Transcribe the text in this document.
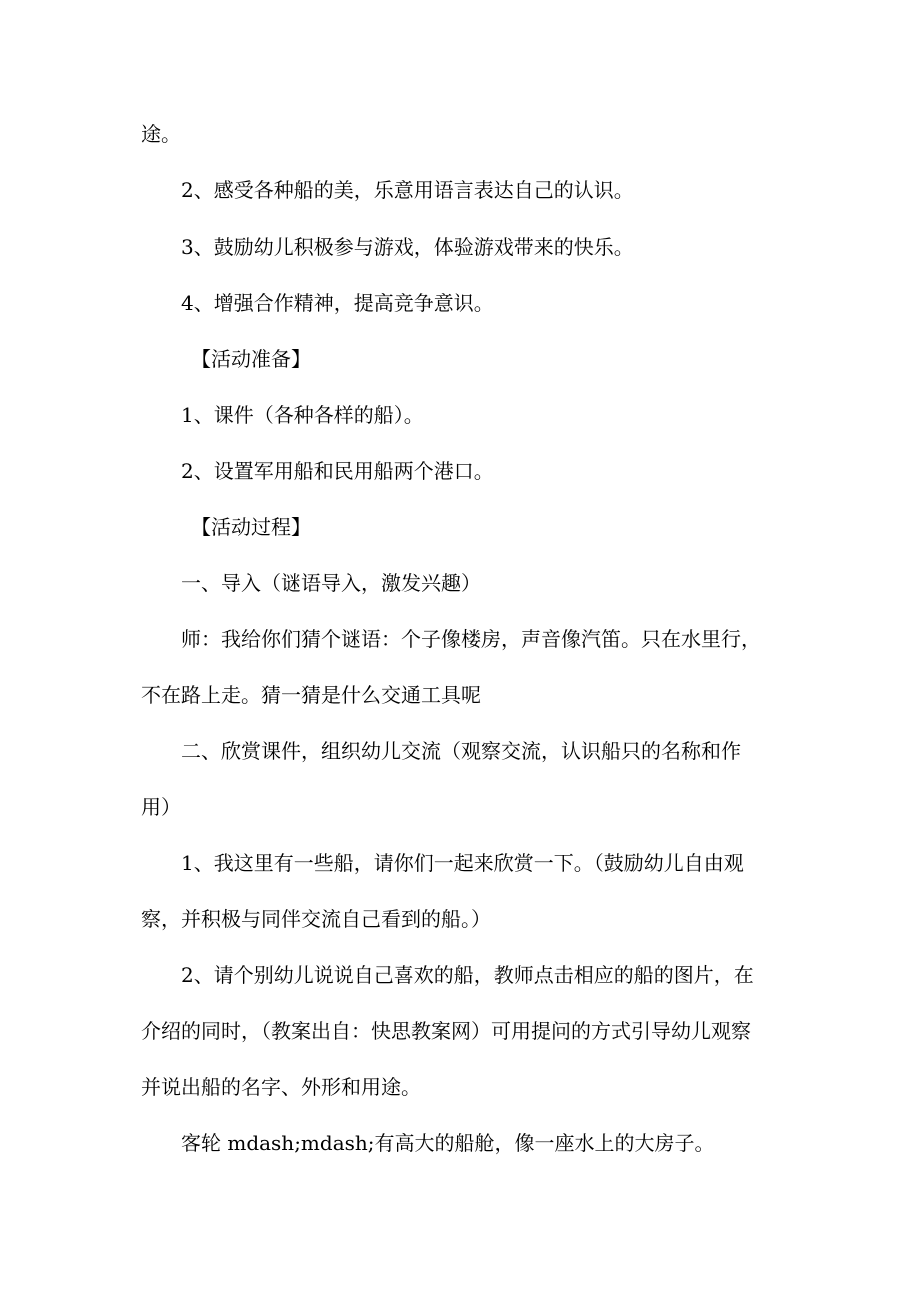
途。
2、感受各种船的美，乐意用语言表达自己的认识。
3、鼓励幼儿积极参与游戏，体验游戏带来的快乐。
4、增强合作精神，提高竞争意识。
【活动准备】
1、课件（各种各样的船）。
2、设置军用船和民用船两个港口。
【活动过程】
一、导入（谜语导入，激发兴趣）
师：我给你们猜个谜语：个子像楼房，声音像汽笛。只在水里行，
不在路上走。猜一猜是什么交通工具呢
二、欣赏课件，组织幼儿交流（观察交流，认识船只的名称和作
用）
1、我这里有一些船，请你们一起来欣赏一下。（鼓励幼儿自由观
察，并积极与同伴交流自己看到的船。）
2、请个别幼儿说说自己喜欢的船，教师点击相应的船的图片，在
介绍的同时，（教案出自：快思教案网）可用提问的方式引导幼儿观察
并说出船的名字、外形和用途。
客轮 mdash;mdash;有高大的船舱，像一座水上的大房子。
